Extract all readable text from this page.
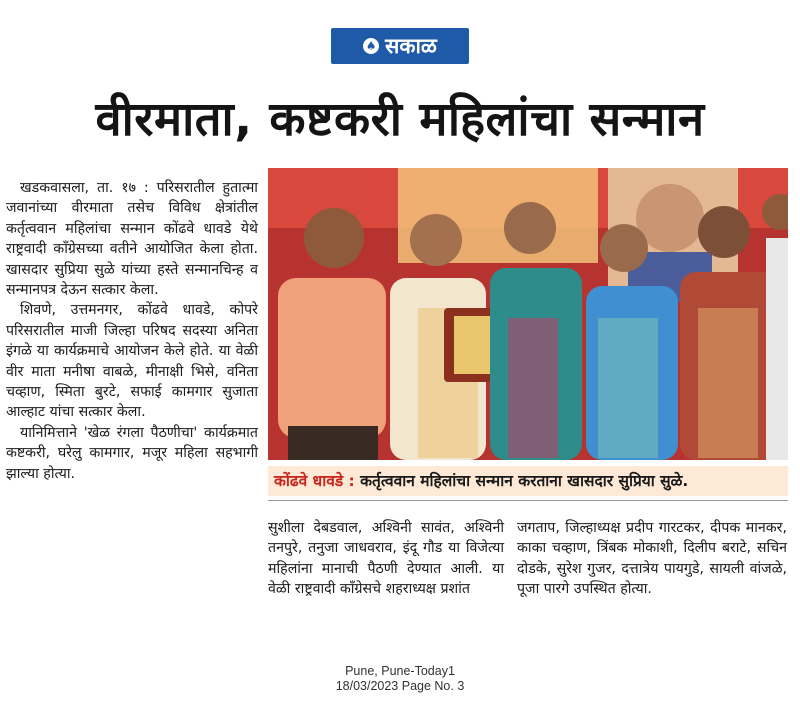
♠ सकाळ
वीरमाता, कष्टकरी महिलांचा सन्मान

खडकवासला, ता. १७ : परिसरातील हुतात्मा जवानांच्या वीरमाता तसेच विविध क्षेत्रांतील कर्तृत्ववान महिलांचा सन्मान कोंढवे धावडे येथे राष्ट्रवादी काँग्रेसच्या वतीने आयोजित केला होता. खासदार सुप्रिया सुळे यांच्या हस्ते सन्मानचिन्ह व सन्मानपत्र देऊन सत्कार केला.

शिवणे, उत्तमनगर, कोंढवे धावडे, कोपरे परिसरातील माजी जिल्हा परिषद सदस्या अनिता इंगळे या कार्यक्रमाचे आयोजन केले होते. या वेळी वीर माता मनीषा वाबळे, मीनाक्षी भिसे, वनिता चव्हाण, स्मिता बुरटे, सफाई कामगार सुजाता आल्हाट यांचा सत्कार केला.

यानिमित्ताने 'खेळ रंगला पैठणीचा' कार्यक्रमात कष्टकरी, घरेलु कामगार, मजूर महिला सहभागी झाल्या होत्या.	कोंढवे धावडे : कर्तृत्ववान महिलांचा सन्मान करताना खासदार सुप्रिया सुळे.

सुशीला देबडवाल, अश्विनी सावंत, अश्विनी तनपुरे, तनुजा जाधवराव, इंदू गौड या विजेत्या महिलांना मानाची पैठणी देण्यात आली. या वेळी राष्ट्रवादी काँग्रेसचे शहराध्यक्ष प्रशांत

जगताप, जिल्हाध्यक्ष प्रदीप गारटकर, दीपक मानकर, काका चव्हाण, त्रिंबक मोकाशी, दिलीप बराटे, सचिन दोडके, सुरेश गुजर, दत्तात्रेय पायगुडे, सायली वांजळे, पूजा पारगे उपस्थित होत्या.

Pune, Pune-Today1
18/03/2023 Page No. 3
